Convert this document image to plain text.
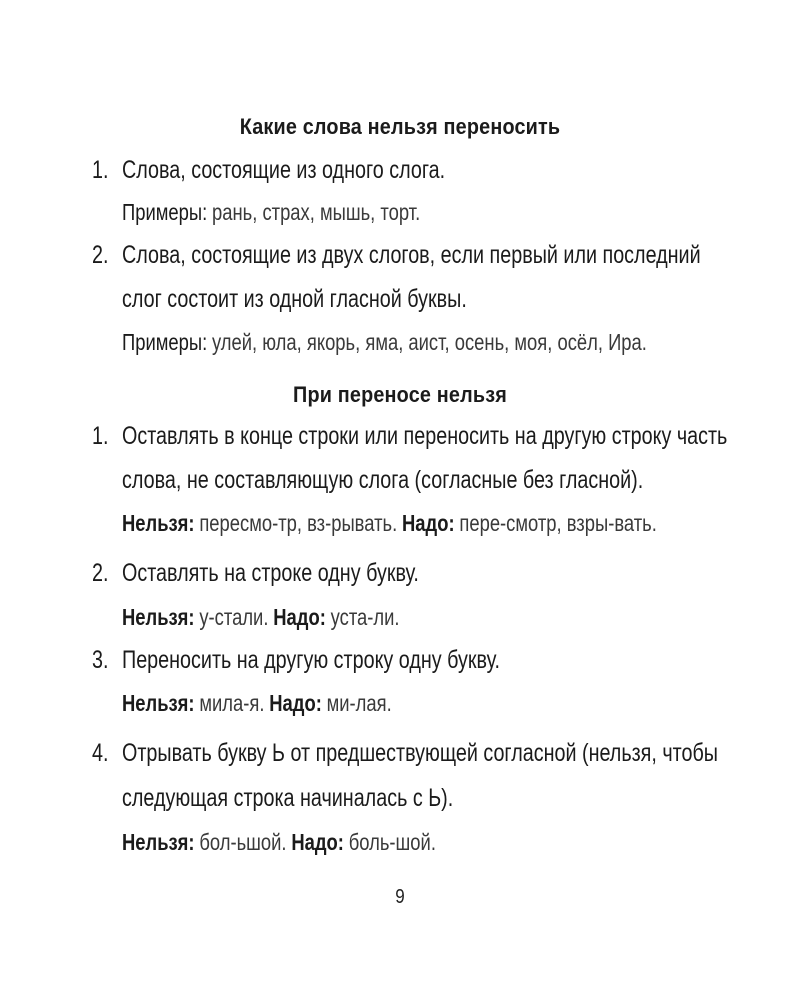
Какие слова нельзя переносить
1. Слова, состоящие из одного слога.
Примеры: рань, страх, мышь, торт.
2. Слова, состоящие из двух слогов, если первый или последний
слог состоит из одной гласной буквы.
Примеры: улей, юла, якорь, яма, аист, осень, моя, осёл, Ира.
При переносе нельзя
1. Оставлять в конце строки или переносить на другую строку часть
слова, не составляющую слога (согласные без гласной).
Нельзя: пересмо-тр, вз-рывать. Надо: пере-смотр, взры-вать.
2. Оставлять на строке одну букву.
Нельзя: у-стали. Надо: уста-ли.
3. Переносить на другую строку одну букву.
Нельзя: мила-я. Надо: ми-лая.
4. Отрывать букву Ь от предшествующей согласной (нельзя, чтобы
следующая строка начиналась с Ь).
Нельзя: бол-ьшой. Надо: боль-шой.
9
